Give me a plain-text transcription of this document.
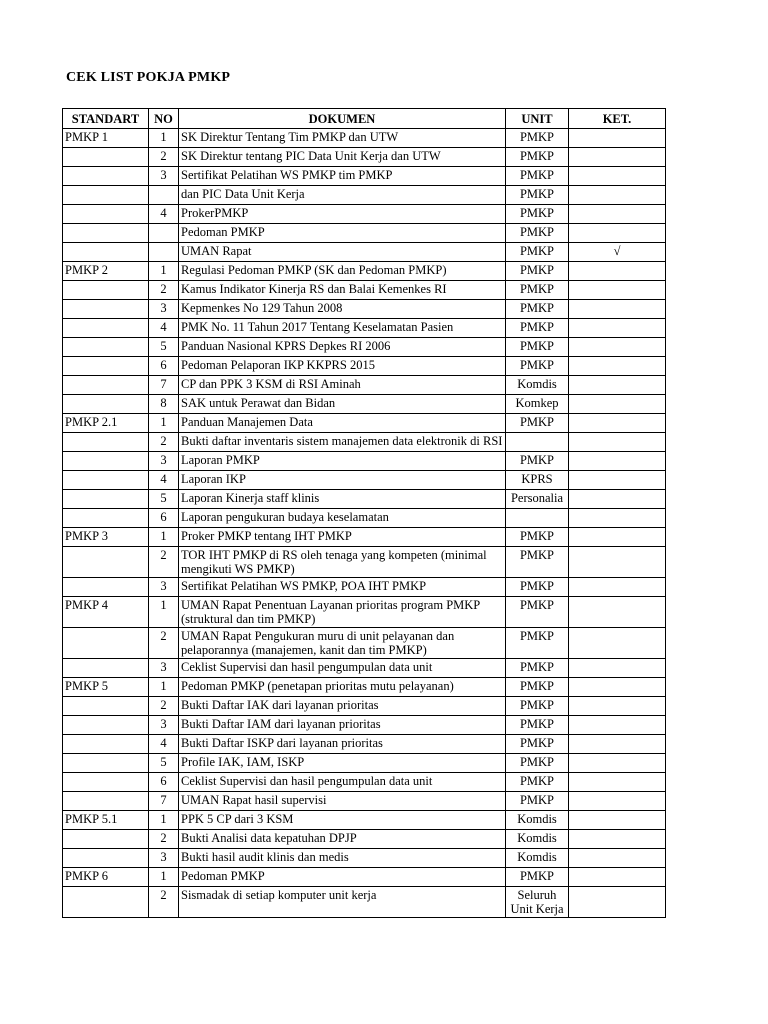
CEK LIST POKJA PMKP
STANDART	NO	DOKUMEN	UNIT	KET.
PMKP 1	1	SK Direktur Tentang Tim PMKP dan UTW	PMKP	
	2	SK Direktur tentang PIC Data Unit Kerja dan UTW	PMKP	
	3	Sertifikat Pelatihan WS PMKP tim PMKP	PMKP	
		dan PIC Data Unit Kerja	PMKP	
	4	ProkerPMKP	PMKP	
		Pedoman PMKP	PMKP	
		UMAN Rapat	PMKP	√
PMKP 2	1	Regulasi Pedoman PMKP (SK dan Pedoman PMKP)	PMKP	
	2	Kamus Indikator Kinerja RS dan Balai Kemenkes RI	PMKP	
	3	Kepmenkes No 129 Tahun 2008	PMKP	
	4	PMK No. 11 Tahun 2017 Tentang Keselamatan Pasien	PMKP	
	5	Panduan Nasional KPRS Depkes RI 2006	PMKP	
	6	Pedoman Pelaporan IKP KKPRS 2015	PMKP	
	7	CP dan PPK 3 KSM di RSI Aminah	Komdis	
	8	SAK untuk Perawat dan Bidan	Komkep	
PMKP 2.1	1	Panduan Manajemen Data	PMKP	
	2	Bukti daftar inventaris sistem manajemen data elektronik di RSI		
	3	Laporan PMKP	PMKP	
	4	Laporan IKP	KPRS	
	5	Laporan Kinerja staff klinis	Personalia	
	6	Laporan pengukuran budaya keselamatan		
PMKP 3	1	Proker PMKP tentang IHT PMKP	PMKP	
	2	TOR IHT PMKP di RS oleh tenaga yang kompeten (minimal mengikuti WS PMKP)	PMKP	
	3	Sertifikat Pelatihan WS PMKP, POA IHT PMKP	PMKP	
PMKP 4	1	UMAN Rapat Penentuan Layanan prioritas program PMKP (struktural dan tim PMKP)	PMKP	
	2	UMAN Rapat Pengukuran muru di unit pelayanan dan pelaporannya (manajemen, kanit dan tim PMKP)	PMKP	
	3	Ceklist Supervisi dan hasil pengumpulan data unit	PMKP	
PMKP 5	1	Pedoman PMKP (penetapan prioritas mutu pelayanan)	PMKP	
	2	Bukti Daftar IAK dari layanan prioritas	PMKP	
	3	Bukti Daftar IAM dari layanan prioritas	PMKP	
	4	Bukti Daftar ISKP dari layanan prioritas	PMKP	
	5	Profile IAK, IAM, ISKP	PMKP	
	6	Ceklist Supervisi dan hasil pengumpulan data unit	PMKP	
	7	UMAN Rapat hasil supervisi	PMKP	
PMKP 5.1	1	PPK 5 CP dari 3 KSM	Komdis	
	2	Bukti Analisi data kepatuhan DPJP	Komdis	
	3	Bukti hasil audit klinis dan medis	Komdis	
PMKP 6	1	Pedoman PMKP	PMKP	
	2	Sismadak di setiap komputer unit kerja	Seluruh Unit Kerja	
